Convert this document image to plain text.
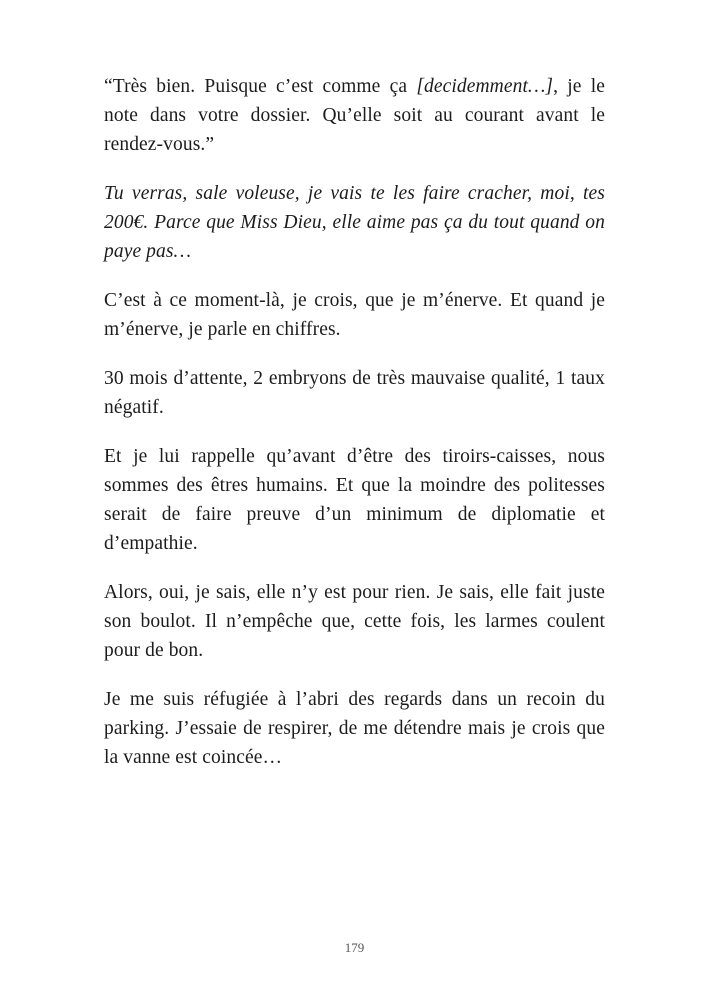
“Très bien. Puisque c’est comme ça [decidemment…], je le note dans votre dossier. Qu’elle soit au courant avant le rendez-vous.”

Tu verras, sale voleuse, je vais te les faire cracher, moi, tes 200€. Parce que Miss Dieu, elle aime pas ça du tout quand on paye pas…

C’est à ce moment-là, je crois, que je m’énerve. Et quand je m’énerve, je parle en chiffres.

30 mois d’attente, 2 embryons de très mauvaise qualité, 1 taux négatif.

Et je lui rappelle qu’avant d’être des tiroirs-caisses, nous sommes des êtres humains. Et que la moindre des politesses serait de faire preuve d’un minimum de diplomatie et d’empathie.

Alors, oui, je sais, elle n’y est pour rien. Je sais, elle fait juste son boulot. Il n’empêche que, cette fois, les larmes coulent pour de bon.

Je me suis réfugiée à l’abri des regards dans un recoin du parking. J’essaie de respirer, de me détendre mais je crois que la vanne est coincée…

179
